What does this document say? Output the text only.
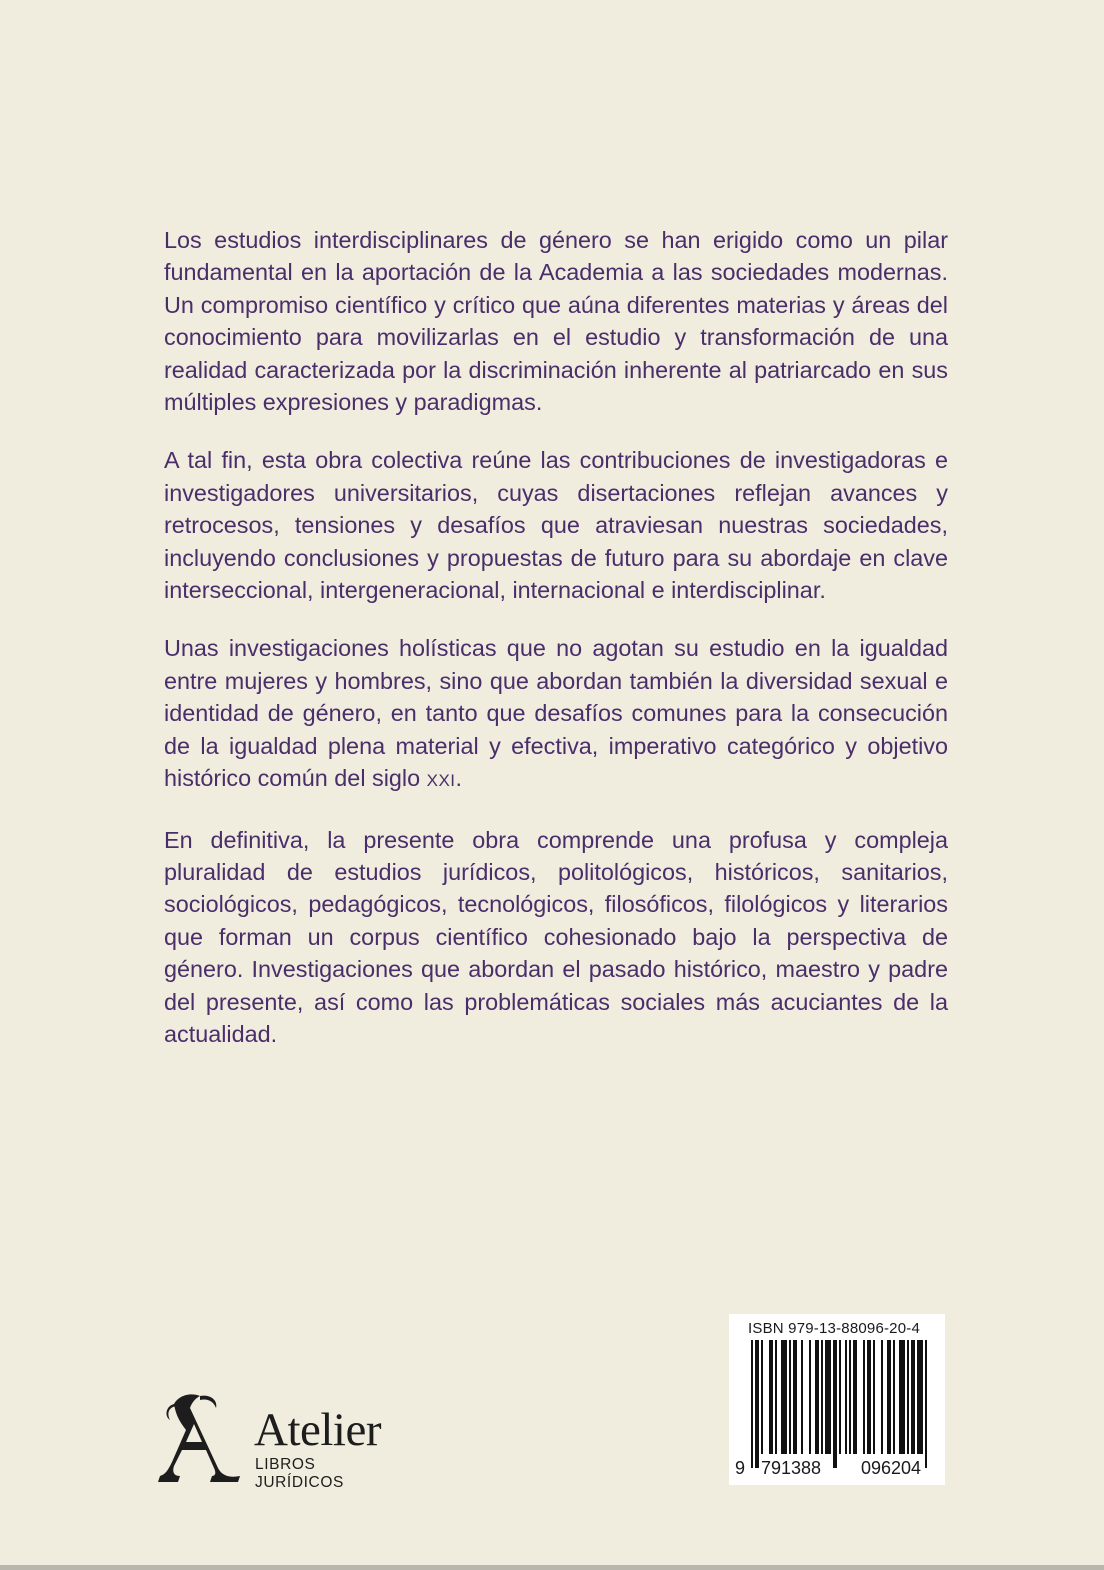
Los estudios interdisciplinares de género se han erigido como un pilar fundamental en la aportación de la Academia a las sociedades modernas. Un compromiso científico y crítico que aúna diferentes materias y áreas del conocimiento para movilizarlas en el estudio y transformación de una realidad caracterizada por la discriminación inherente al patriarcado en sus múltiples expresiones y paradigmas.

A tal fin, esta obra colectiva reúne las contribuciones de investigadoras e investigadores universitarios, cuyas disertaciones reflejan avances y retrocesos, tensiones y desafíos que atraviesan nuestras sociedades, incluyendo conclusiones y propuestas de futuro para su abordaje en clave interseccional, intergeneracional, internacional e interdisciplinar.

Unas investigaciones holísticas que no agotan su estudio en la igualdad entre mujeres y hombres, sino que abordan también la diversidad sexual e identidad de género, en tanto que desafíos comunes para la consecución de la igualdad plena material y efectiva, imperativo categórico y objetivo histórico común del siglo XXI.

En definitiva, la presente obra comprende una profusa y compleja pluralidad de estudios jurídicos, politológicos, históricos, sanitarios, sociológicos, pedagógicos, tecnológicos, filosóficos, filológicos y literarios que forman un corpus científico cohesionado bajo la perspectiva de género. Investigaciones que abordan el pasado histórico, maestro y padre del presente, así como las problemáticas sociales más acuciantes de la actualidad.

Atelier
LIBROS JURÍDICOS
9 791388 096204
ISBN 979-13-88096-20-4
